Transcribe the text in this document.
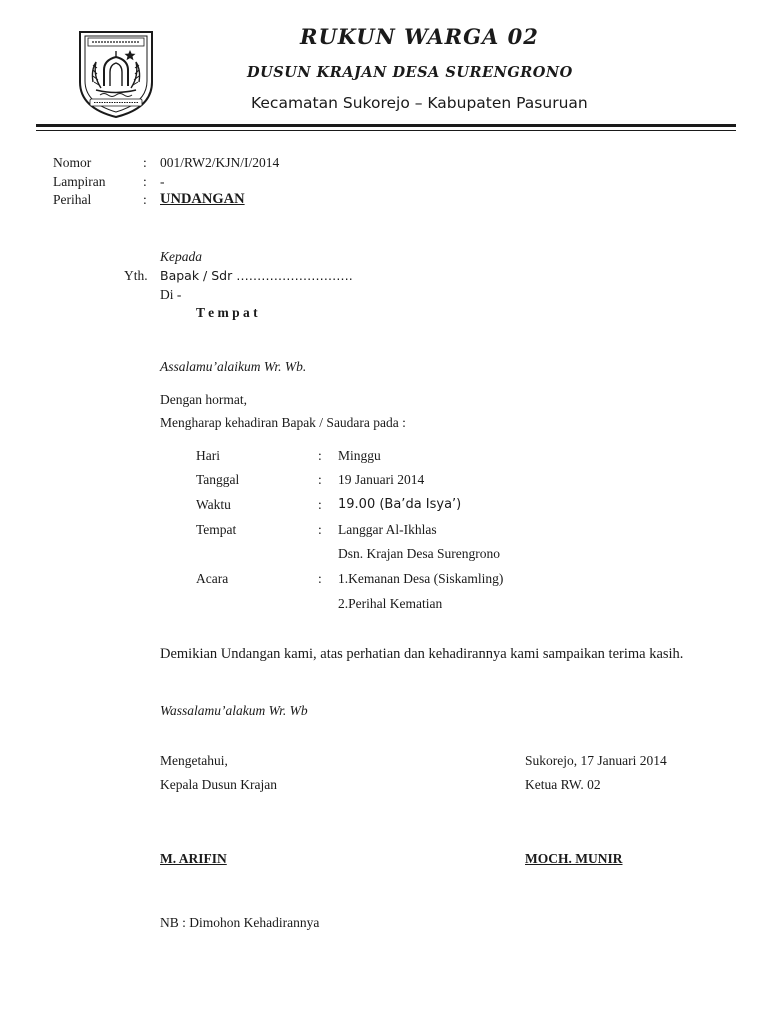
RUKUN WARGA 02
DUSUN KRAJAN DESA SURENGRONO
Kecamatan Sukorejo – Kabupaten Pasuruan
Nomor	: 001/RW2/KJN/I/2014
Lampiran	: -
Perihal	: UNDANGAN
Kepada
Yth. Bapak / Sdr ……………………….
Di -
T e m p a t
Assalamu’alaikum Wr. Wb.
Dengan hormat,
Mengharap kehadiran Bapak / Saudara pada :
Hari	: Minggu
Tanggal	: 19 Januari 2014
Waktu	: 19.00 (Ba’da Isya’)
Tempat	: Langgar Al-Ikhlas
Dsn. Krajan Desa Surengrono
Acara	: 1.Kemanan Desa (Siskamling)
2.Perihal Kematian
Demikian Undangan kami, atas perhatian dan kehadirannya kami sampaikan terima kasih.
Wassalamu’alakum Wr. Wb
Mengetahui,
Kepala Dusun Krajan
M. ARIFIN
Sukorejo, 17 Januari 2014
Ketua RW. 02
MOCH. MUNIR
NB : Dimohon Kehadirannya
